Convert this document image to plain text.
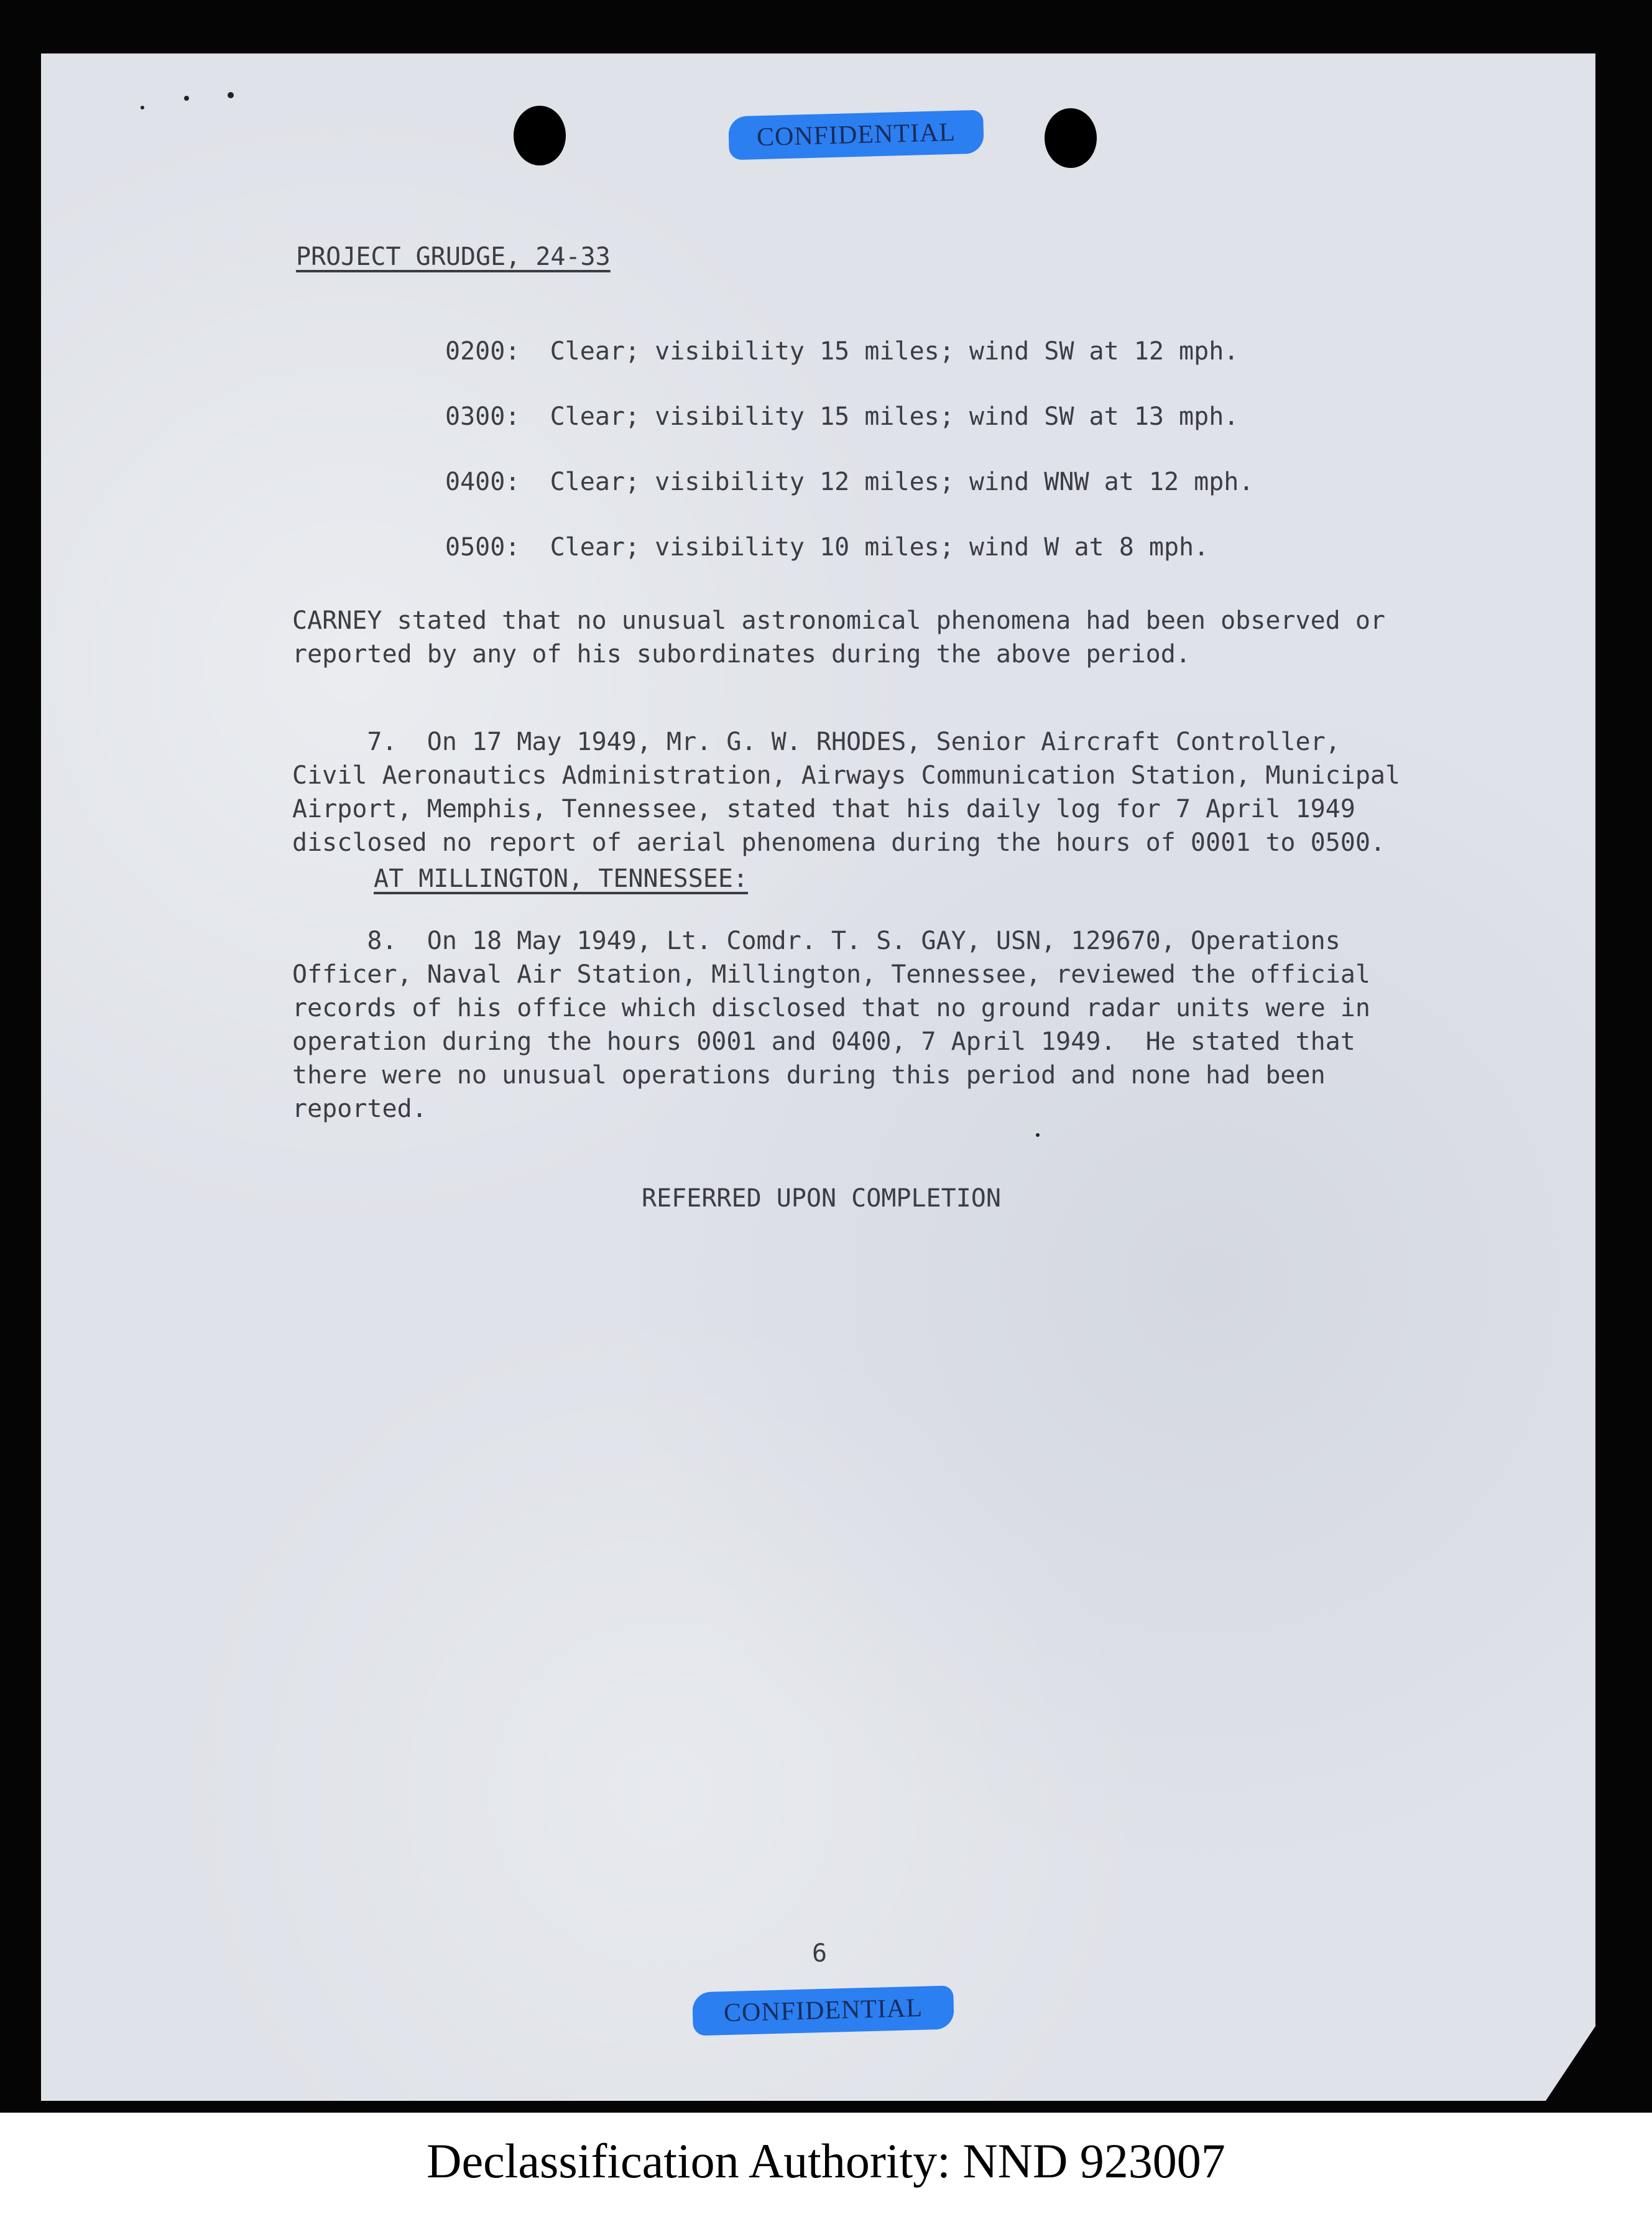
CONFIDENTIAL

PROJECT GRUDGE, 24-33

0200: Clear; visibility 15 miles; wind SW at 12 mph.

0300: Clear; visibility 15 miles; wind SW at 13 mph.

0400: Clear; visibility 12 miles; wind WNW at 12 mph.

0500: Clear; visibility 10 miles; wind W at 8 mph.

CARNEY stated that no unusual astronomical phenomena had been observed or

reported by any of his subordinates during the above period.

7.  On 17 May 1949, Mr. G. W. RHODES, Senior Aircraft Controller,

Civil Aeronautics Administration, Airways Communication Station, Municipal

Airport, Memphis, Tennessee, stated that his daily log for 7 April 1949

disclosed no report of aerial phenomena during the hours of 0001 to 0500.

AT MILLINGTON, TENNESSEE:

8.  On 18 May 1949, Lt. Comdr. T. S. GAY, USN, 129670, Operations

Officer, Naval Air Station, Millington, Tennessee, reviewed the official

records of his office which disclosed that no ground radar units were in

operation during the hours 0001 and 0400, 7 April 1949.  He stated that

there were no unusual operations during this period and none had been

reported.

REFERRED UPON COMPLETION

6

CONFIDENTIAL
Declassification Authority: NND 923007
